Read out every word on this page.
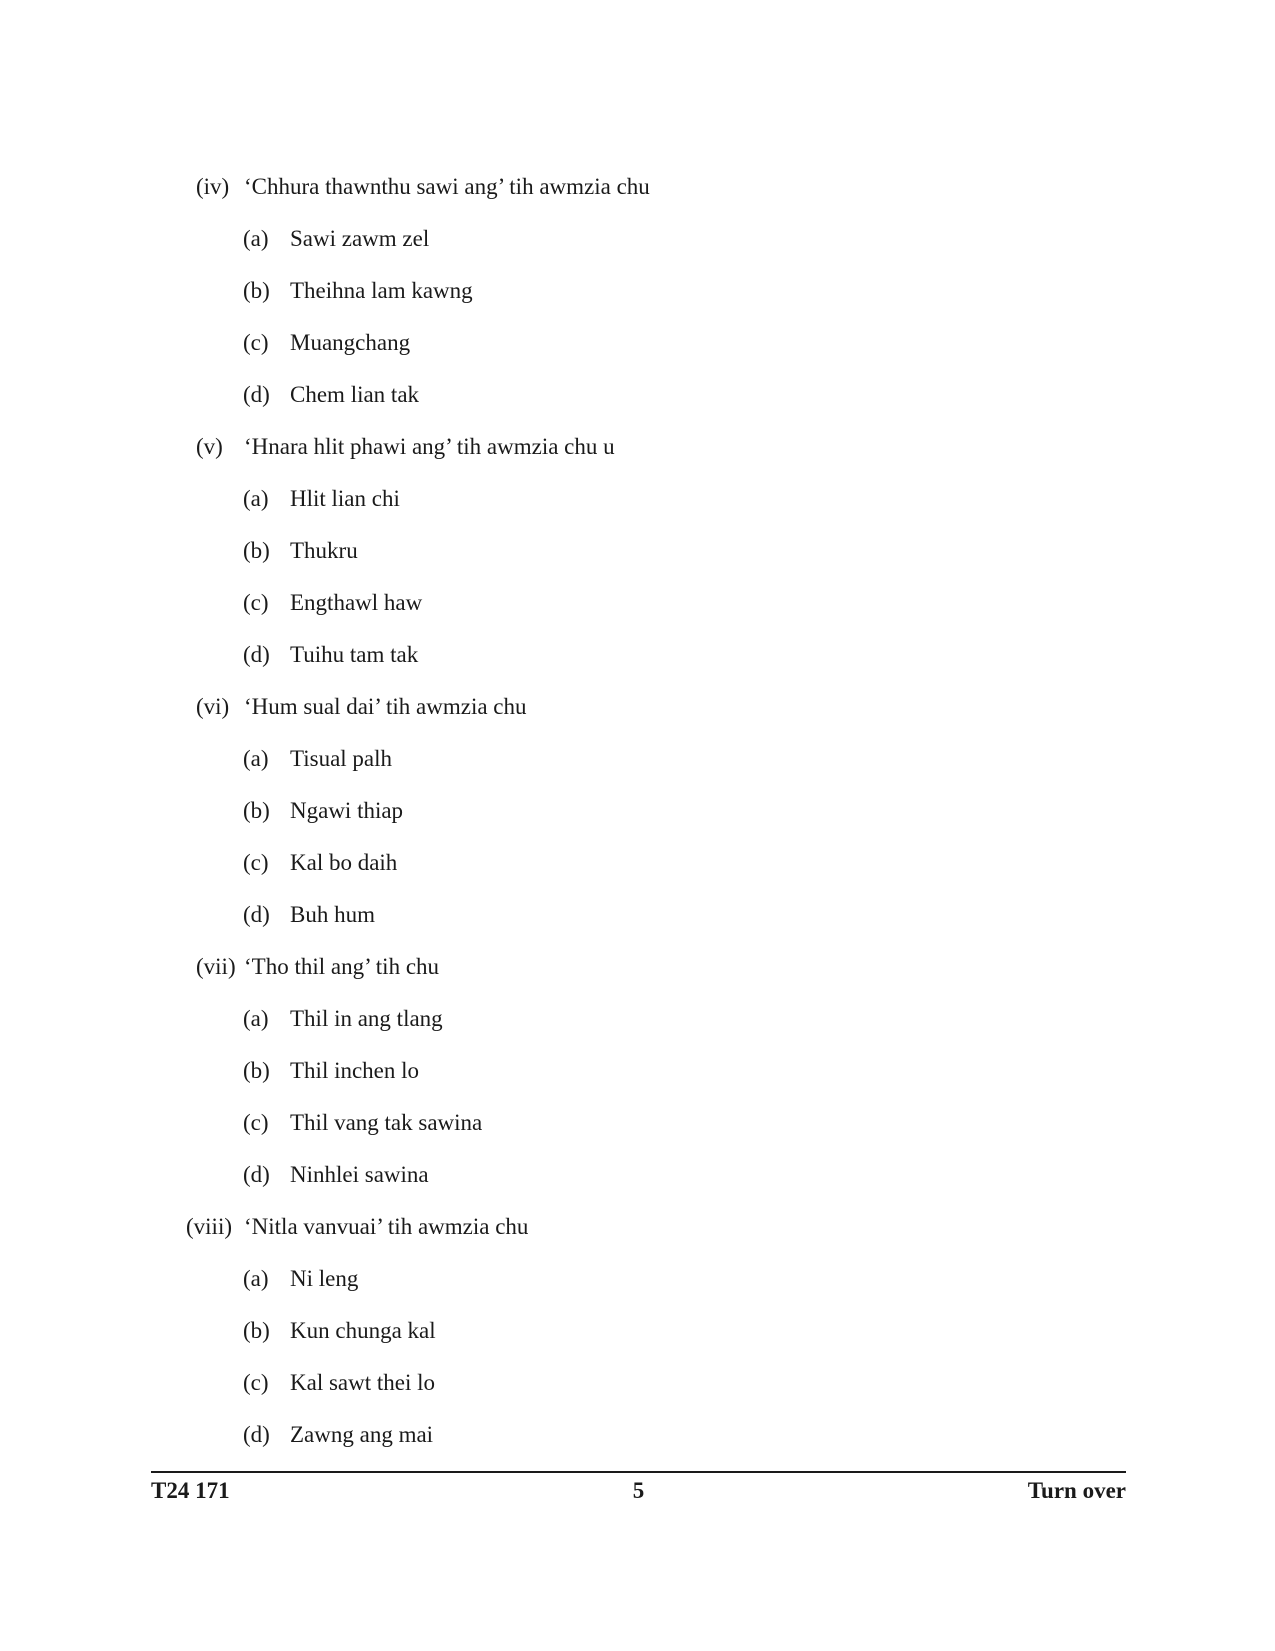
(iv) ‘Chhura thawnthu sawi ang’ tih awmzia chu
(a) Sawi zawm zel
(b) Theihna lam kawng
(c) Muangchang
(d) Chem lian tak
(v) ‘Hnara hlit phawi ang’ tih awmzia chu u
(a) Hlit lian chi
(b) Thukru
(c) Engthawl haw
(d) Tuihu tam tak
(vi) ‘Hum sual dai’ tih awmzia chu
(a) Tisual palh
(b) Ngawi thiap
(c) Kal bo daih
(d) Buh hum
(vii) ‘Tho thil ang’ tih chu
(a) Thil in ang tlang
(b) Thil inchen lo
(c) Thil vang tak sawina
(d) Ninhlei sawina
(viii) ‘Nitla vanvuai’ tih awmzia chu
(a) Ni leng
(b) Kun chunga kal
(c) Kal sawt thei lo
(d) Zawng ang mai
T24 171	5	Turn over
